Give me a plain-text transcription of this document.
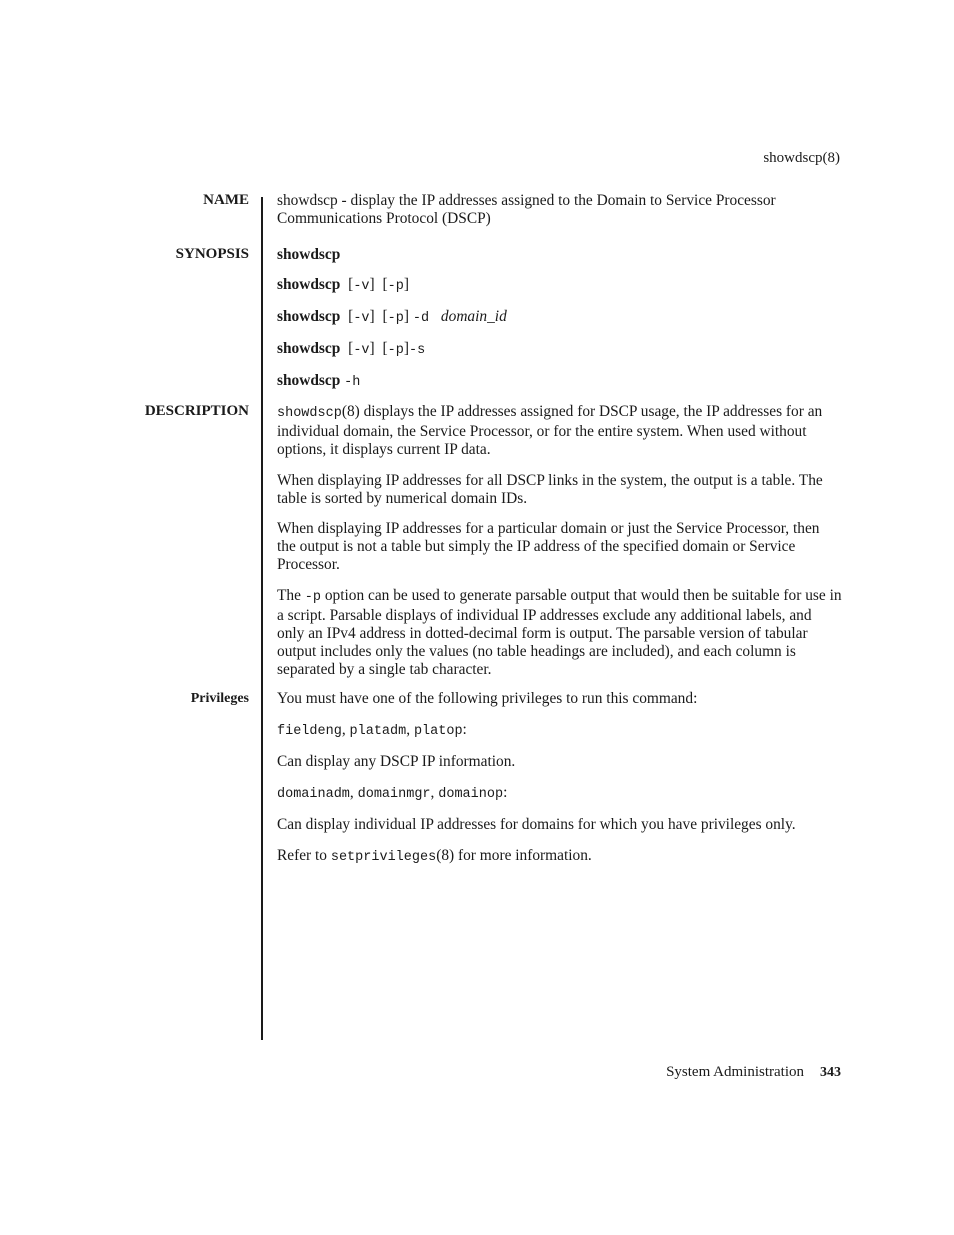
showdscp(8)
NAME showdscp - display the IP addresses assigned to the Domain to Service Processor Communications Protocol (DSCP)
SYNOPSIS showdscp
showdscp [-v] [-p]
showdscp [-v] [-p] -d domain_id
showdscp [-v] [-p]-s
showdscp -h
DESCRIPTION showdscp(8) displays the IP addresses assigned for DSCP usage, the IP addresses for an individual domain, the Service Processor, or for the entire system. When used without options, it displays current IP data.

When displaying IP addresses for all DSCP links in the system, the output is a table. The table is sorted by numerical domain IDs.

When displaying IP addresses for a particular domain or just the Service Processor, then the output is not a table but simply the IP address of the specified domain or Service Processor.

The -p option can be used to generate parsable output that would then be suitable for use in a script. Parsable displays of individual IP addresses exclude any additional labels, and only an IPv4 address in dotted-decimal form is output. The parsable version of tabular output includes only the values (no table headings are included), and each column is separated by a single tab character.

Privileges You must have one of the following privileges to run this command:

fieldeng, platadm, platop:

Can display any DSCP IP information.

domainadm, domainmgr, domainop:

Can display individual IP addresses for domains for which you have privileges only.

Refer to setprivileges(8) for more information.

System Administration 343
